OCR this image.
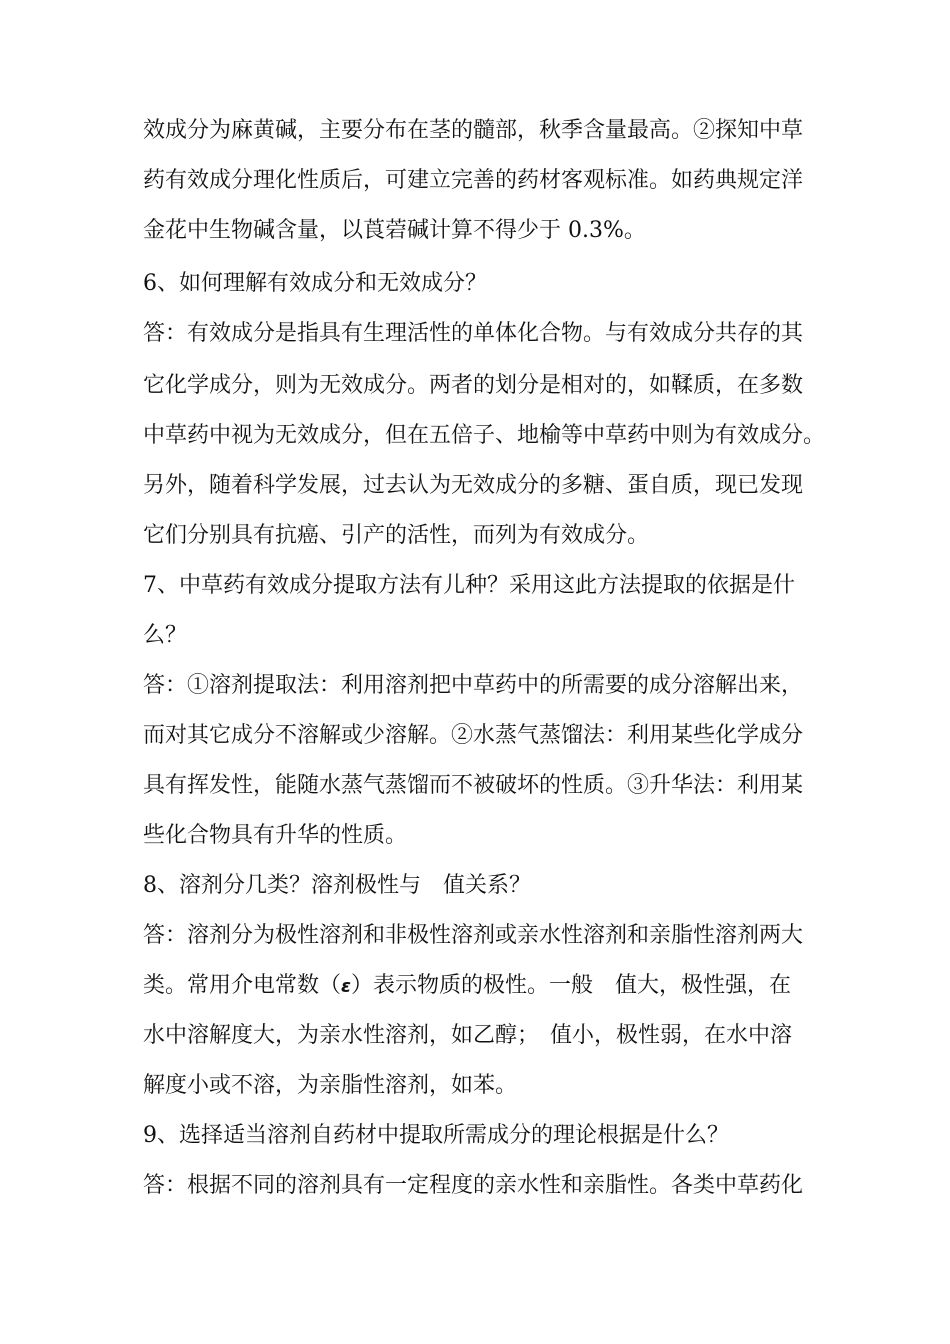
效成分为麻黄碱，主要分布在茎的髓部，秋季含量最高。②探知中草
药有效成分理化性质后，可建立完善的药材客观标准。如药典规定洋
金花中生物碱含量，以莨菪碱计算不得少于 0.3%。
6、如何理解有效成分和无效成分？
答：有效成分是指具有生理活性的单体化合物。与有效成分共存的其
它化学成分，则为无效成分。两者的划分是相对的，如鞣质，在多数
中草药中视为无效成分，但在五倍子、地榆等中草药中则为有效成分。
另外，随着科学发展，过去认为无效成分的多糖、蛋自质，现已发现
它们分别具有抗癌、引产的活性，而列为有效成分。
7、中草药有效成分提取方法有儿种？采用这此方法提取的依据是什
么？
答：①溶剂提取法：利用溶剂把中草药中的所需要的成分溶解出来，
而对其它成分不溶解或少溶解。②水蒸气蒸馏法：利用某些化学成分
具有挥发性，能随水蒸气蒸馏而不被破坏的性质。③升华法：利用某
些化合物具有升华的性质。
8、溶剂分几类？溶剂极性与　值关系？
答：溶剂分为极性溶剂和非极性溶剂或亲水性溶剂和亲脂性溶剂两大
类。常用介电常数（ε）表示物质的极性。一般　值大，极性强，在
水中溶解度大，为亲水性溶剂，如乙醇；　值小，极性弱，在水中溶
解度小或不溶，为亲脂性溶剂，如苯。
9、选择适当溶剂自药材中提取所需成分的理论根据是什么？
答：根据不同的溶剂具有一定程度的亲水性和亲脂性。各类中草药化
